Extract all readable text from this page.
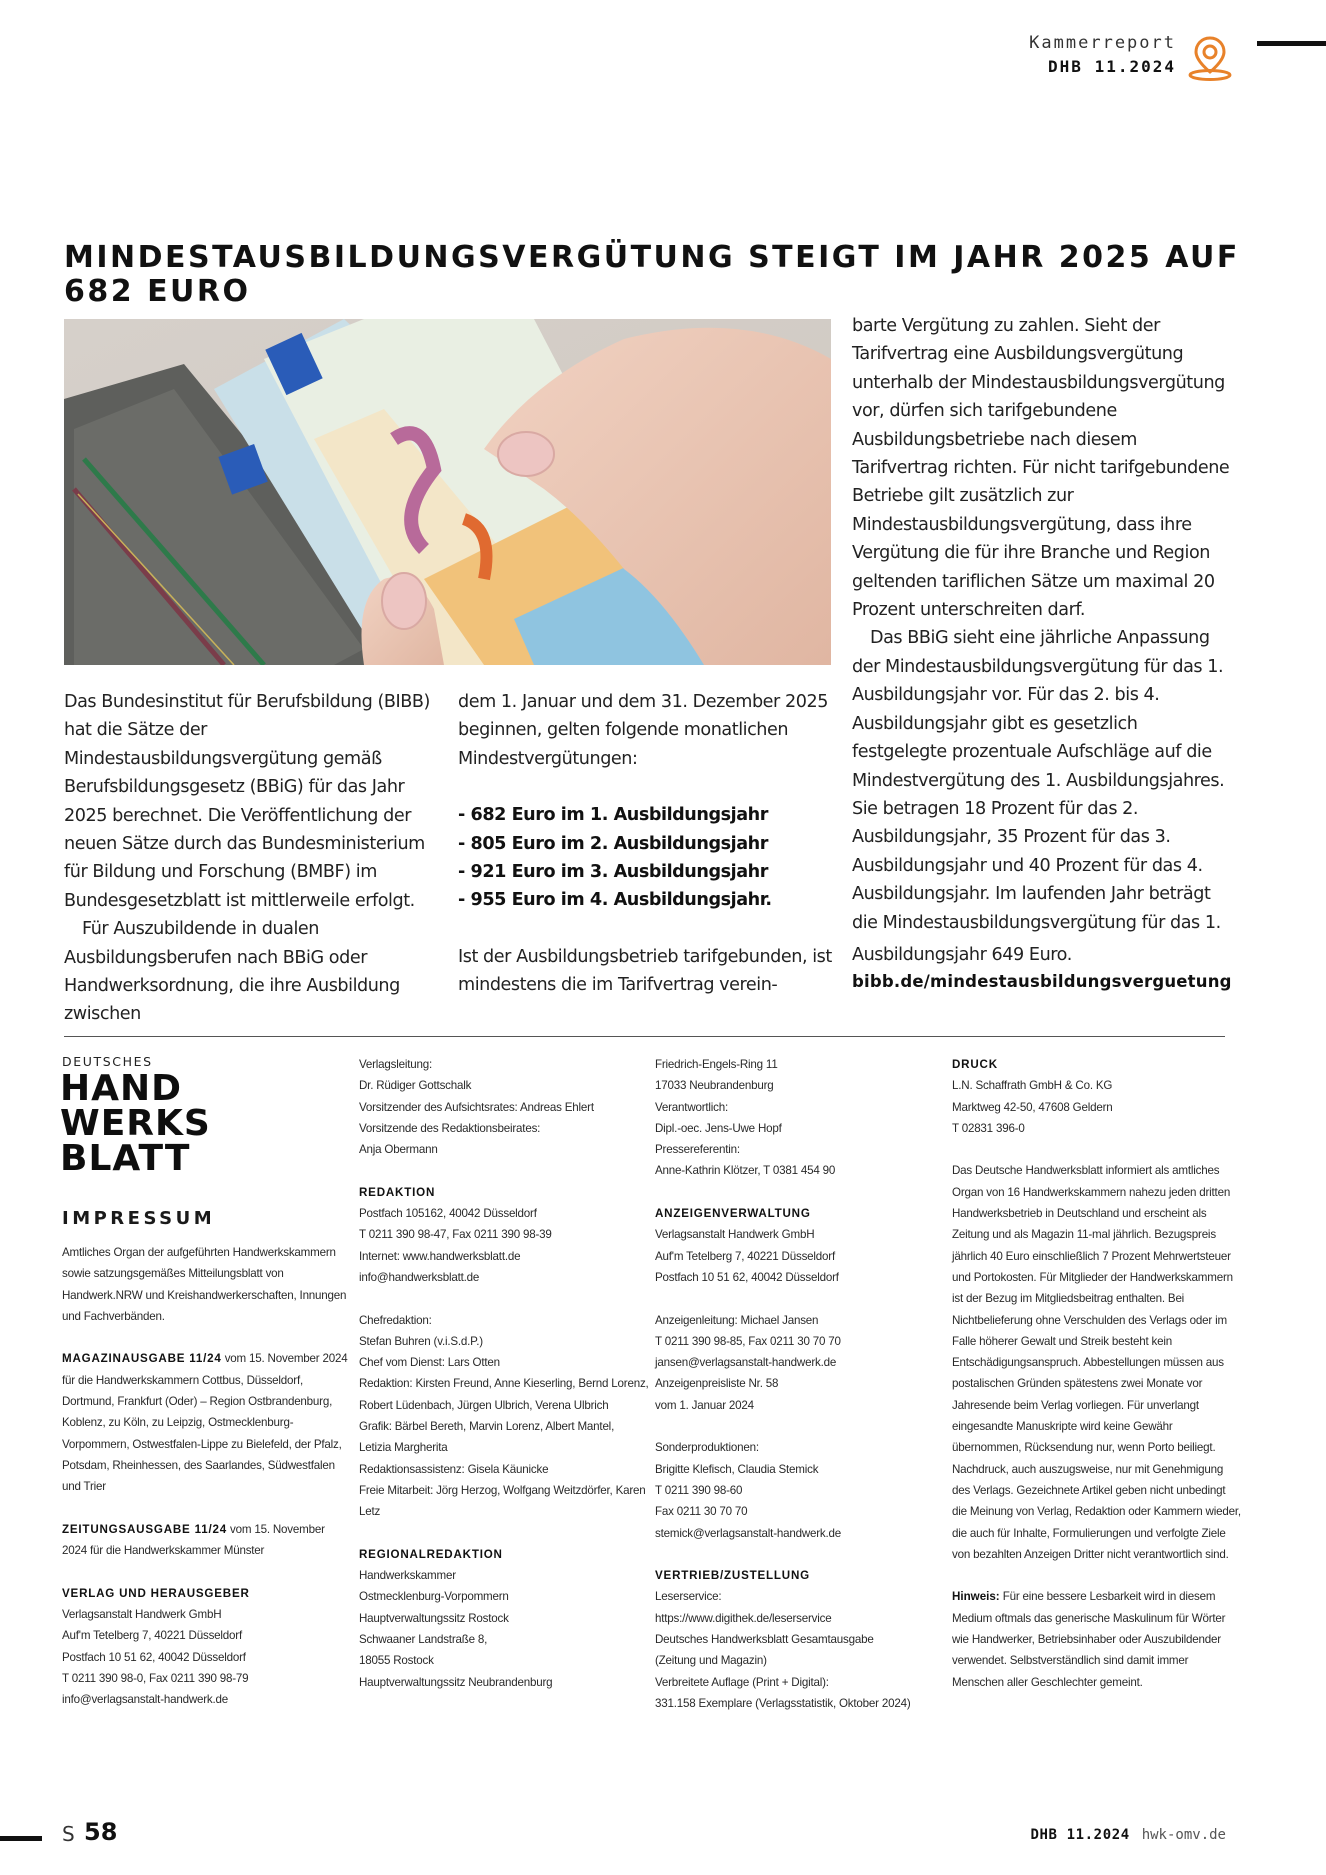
Kammerreport
DHB 11.2024
MINDESTAUSBILDUNGSVERGÜTUNG STEIGT IM JAHR 2025 AUF 682 EURO

Das Bundesinstitut für Berufsbildung (BIBB) hat die Sätze der Mindestausbildungsvergütung gemäß Berufsbildungsgesetz (BBiG) für das Jahr 2025 berechnet. Die Veröffentlichung der neuen Sätze durch das Bundesministerium für Bildung und Forschung (BMBF) im Bundesgesetzblatt ist mittlerweile erfolgt.

Für Auszubildende in dualen Ausbildungsberufen nach BBiG oder Handwerksordnung, die ihre Ausbildung zwischen

dem 1. Januar und dem 31. Dezember 2025 beginnen, gelten folgende monatlichen Mindestvergütungen:

- 682 Euro im 1. Ausbildungsjahr
- 805 Euro im 2. Ausbildungsjahr
- 921 Euro im 3. Ausbildungsjahr
- 955 Euro im 4. Ausbildungsjahr.

Ist der Ausbildungsbetrieb tarifgebunden, ist mindestens die im Tarifvertrag verein-

barte Vergütung zu zahlen. Sieht der Tarifvertrag eine Ausbildungsvergütung unterhalb der Mindestausbildungsvergütung vor, dürfen sich tarifgebundene Ausbildungsbetriebe nach diesem Tarifvertrag richten. Für nicht tarifgebundene Betriebe gilt zusätzlich zur Mindestausbildungsvergütung, dass ihre Vergütung die für ihre Branche und Region geltenden tariflichen Sätze um maximal 20 Prozent unterschreiten darf.

Das BBiG sieht eine jährliche Anpassung der Mindestausbildungsvergütung für das 1. Ausbildungsjahr vor. Für das 2. bis 4. Ausbildungsjahr gibt es gesetzlich festgelegte prozentuale Aufschläge auf die Mindestvergütung des 1. Ausbildungsjahres. Sie betragen 18 Prozent für das 2. Ausbildungsjahr, 35 Prozent für das 3. Ausbildungsjahr und 40 Prozent für das 4. Ausbildungsjahr. Im laufenden Jahr beträgt die Mindestausbildungsvergütung für das 1.

Ausbildungsjahr 649 Euro.

bibb.de/mindestausbildungsverguetung

DEUTSCHES
HAND
WERKS
BLATT
IMPRESSUM

Amtliches Organ der aufgeführten Handwerkskammern sowie satzungsgemäßes Mitteilungsblatt von Handwerk.NRW und Kreishandwerkerschaften, Innungen und Fachverbänden.

MAGAZINAUSGABE 11/24 vom 15. November 2024 für die Handwerkskammern Cottbus, Düsseldorf, Dortmund, Frankfurt (Oder) – Region Ostbrandenburg, Koblenz, zu Köln, zu Leipzig, Ostmecklenburg-Vorpommern, Ostwestfalen-Lippe zu Bielefeld, der Pfalz, Potsdam, Rheinhessen, des Saarlandes, Südwestfalen und Trier

ZEITUNGSAUSGABE 11/24 vom 15. November 2024 für die Handwerkskammer Münster

VERLAG UND HERAUSGEBER

Verlagsanstalt Handwerk GmbH

Auf'm Tetelberg 7, 40221 Düsseldorf

Postfach 10 51 62, 40042 Düsseldorf

T 0211 390 98-0, Fax 0211 390 98-79

info@verlagsanstalt-handwerk.de

Verlagsleitung:

Dr. Rüdiger Gottschalk

Vorsitzender des Aufsichtsrates: Andreas Ehlert

Vorsitzende des Redaktionsbeirates:

Anja Obermann

REDAKTION

Postfach 105162, 40042 Düsseldorf

T 0211 390 98-47, Fax 0211 390 98-39

Internet: www.handwerksblatt.de

info@handwerksblatt.de

Chefredaktion:

Stefan Buhren (v.i.S.d.P.)

Chef vom Dienst: Lars Otten

Redaktion: Kirsten Freund, Anne Kieserling, Bernd Lorenz, Robert Lüdenbach, Jürgen Ulbrich, Verena Ulbrich

Grafik: Bärbel Bereth, Marvin Lorenz, Albert Mantel, Letizia Margherita

Redaktionsassistenz: Gisela Käunicke

Freie Mitarbeit: Jörg Herzog, Wolfgang Weitzdörfer, Karen Letz

REGIONALREDAKTION

Handwerkskammer

Ostmecklenburg-Vorpommern

Hauptverwaltungssitz Rostock

Schwaaner Landstraße 8,

18055 Rostock

Hauptverwaltungssitz Neubrandenburg

Friedrich-Engels-Ring 11

17033 Neubrandenburg

Verantwortlich:

Dipl.-oec. Jens-Uwe Hopf

Pressereferentin:

Anne-Kathrin Klötzer, T 0381 454 90

ANZEIGENVERWALTUNG

Verlagsanstalt Handwerk GmbH

Auf'm Tetelberg 7, 40221 Düsseldorf

Postfach 10 51 62, 40042 Düsseldorf

Anzeigenleitung: Michael Jansen

T 0211 390 98-85, Fax 0211 30 70 70

jansen@verlagsanstalt-handwerk.de

Anzeigenpreisliste Nr. 58

vom 1. Januar 2024

Sonderproduktionen:

Brigitte Klefisch, Claudia Stemick

T 0211 390 98-60

Fax 0211 30 70 70

stemick@verlagsanstalt-handwerk.de

VERTRIEB/ZUSTELLUNG

Leserservice:

https://www.digithek.de/leserservice

Deutsches Handwerksblatt Gesamtausgabe

(Zeitung und Magazin)

Verbreitete Auflage (Print + Digital):

331.158 Exemplare (Verlagsstatistik, Oktober 2024)

DRUCK

L.N. Schaffrath GmbH & Co. KG

Marktweg 42-50, 47608 Geldern

T 02831 396-0

Das Deutsche Handwerksblatt informiert als amtliches Organ von 16 Handwerkskammern nahezu jeden dritten Handwerksbetrieb in Deutschland und erscheint als Zeitung und als Magazin 11-mal jährlich. Bezugspreis jährlich 40 Euro einschließlich 7 Prozent Mehrwertsteuer und Portokosten. Für Mitglieder der Handwerkskammern ist der Bezug im Mitgliedsbeitrag enthalten. Bei Nichtbelieferung ohne Verschulden des Verlags oder im Falle höherer Gewalt und Streik besteht kein Entschädigungsanspruch. Abbestellungen müssen aus postalischen Gründen spätestens zwei Monate vor Jahresende beim Verlag vorliegen. Für unverlangt eingesandte Manuskripte wird keine Gewähr übernommen, Rücksendung nur, wenn Porto beiliegt. Nachdruck, auch auszugsweise, nur mit Genehmigung des Verlags. Gezeichnete Artikel geben nicht unbedingt die Meinung von Verlag, Redaktion oder Kammern wieder, die auch für Inhalte, Formulierungen und verfolgte Ziele von bezahlten Anzeigen Dritter nicht verantwortlich sind.

Hinweis: Für eine bessere Lesbarkeit wird in diesem Medium oftmals das generische Maskulinum für Wörter wie Handwerker, Betriebsinhaber oder Auszubildender verwendet. Selbstverständlich sind damit immer Menschen aller Geschlechter gemeint.

S 58	DHB 11.2024 hwk-omv.de
